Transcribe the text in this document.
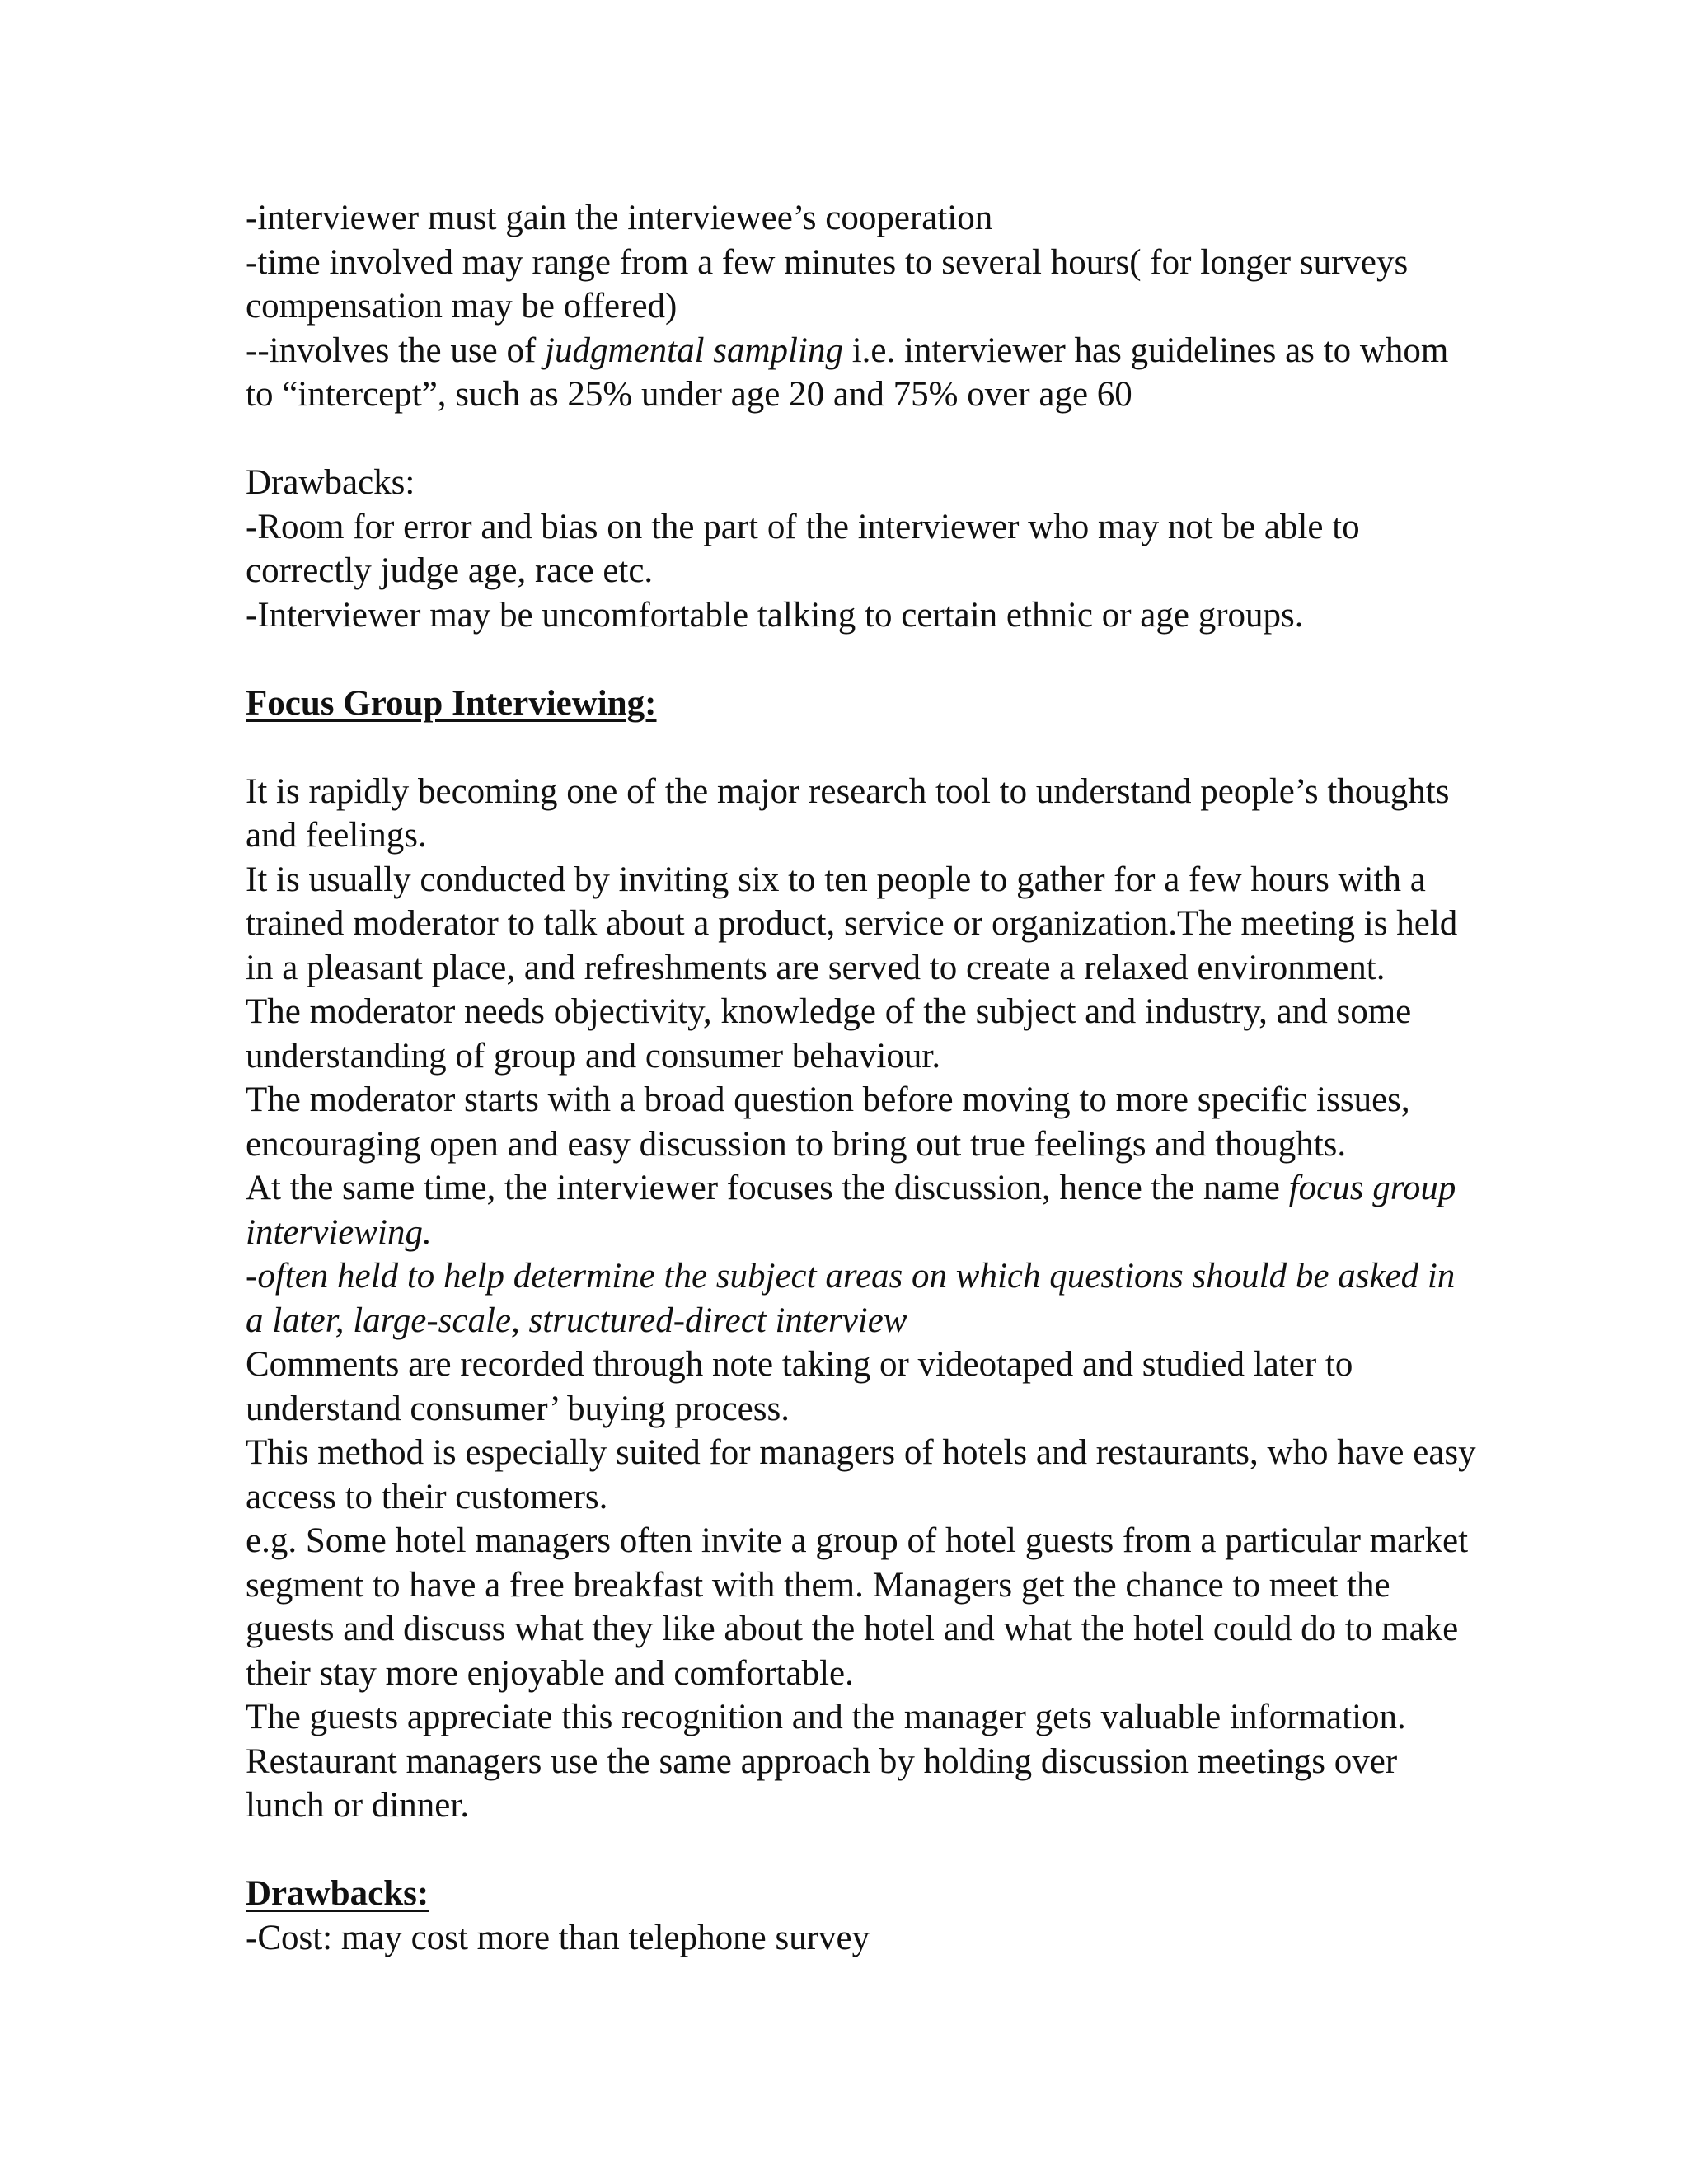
-interviewer must gain the interviewee’s cooperation
-time involved may range from a few minutes to several hours( for longer surveys
compensation may be offered)
--involves the use of judgmental sampling i.e. interviewer has guidelines as to whom
to “intercept”, such as 25% under age 20 and 75% over age 60
Drawbacks:
-Room for error and bias on the part of the interviewer who may not be able to
correctly judge age, race etc.
-Interviewer may be uncomfortable talking to certain ethnic or age groups.
Focus Group Interviewing:
It is rapidly becoming one of the major research tool to understand people’s thoughts
and feelings.
It is usually conducted by inviting six to ten people to gather for a few hours with a
trained moderator to talk about a product, service or organization.The meeting is held
in a pleasant place, and refreshments are served to create a relaxed environment.
The moderator needs objectivity, knowledge of the subject and industry, and some
understanding of group and consumer behaviour.
The moderator starts with a broad question before moving to more specific issues,
encouraging open and easy discussion to bring out true feelings and thoughts.
At the same time, the interviewer focuses the discussion, hence the name focus group
interviewing.
-often held to help determine the subject areas on which questions should be asked in
a later, large-scale, structured-direct interview
Comments are recorded through note taking or videotaped and studied later to
understand consumer’ buying process.
This method is especially suited for managers of hotels and restaurants, who have easy
access to their customers.
e.g. Some hotel managers often invite a group of hotel guests from a particular market
segment to have a free breakfast with them. Managers get the chance to meet the
guests and discuss what they like about the hotel and what the hotel could do to make
their stay more enjoyable and comfortable.
The guests appreciate this recognition and the manager gets valuable information.
Restaurant managers use the same approach by holding discussion meetings over
lunch or dinner.
Drawbacks:
-Cost: may cost more than telephone survey
